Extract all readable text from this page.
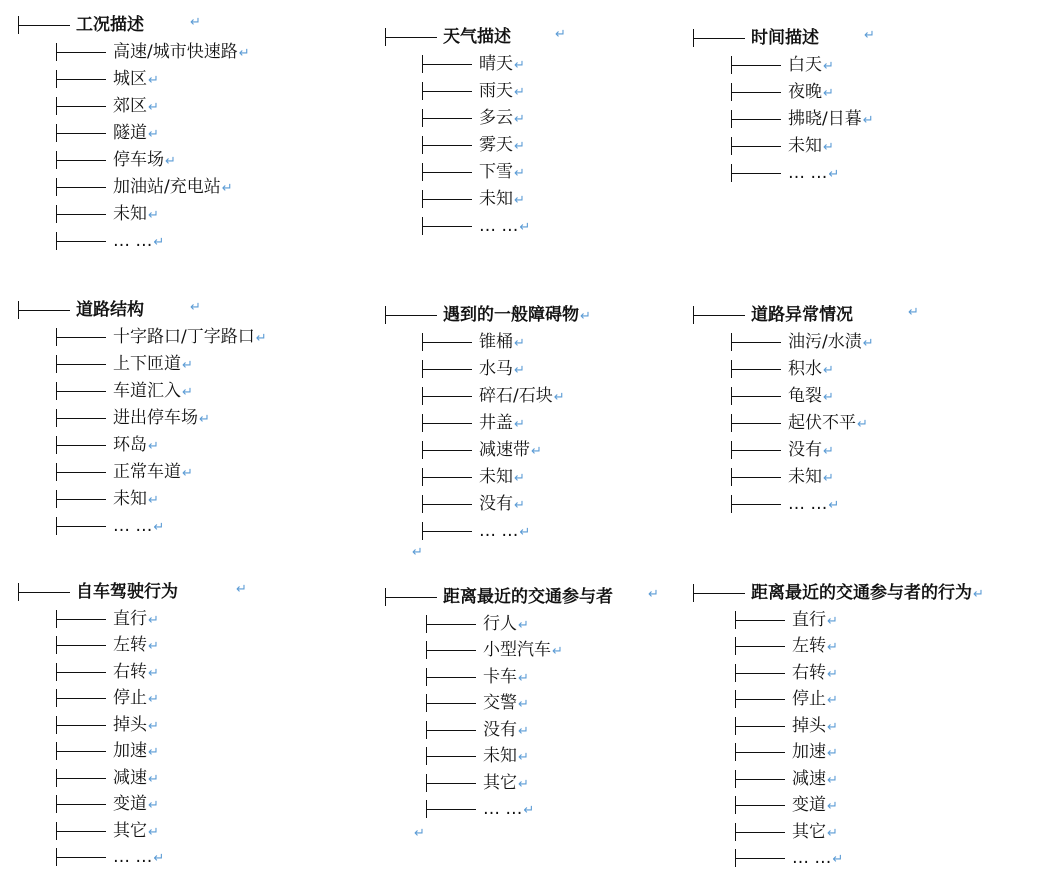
工况描述	↵
高速/城市快速路↵
城区↵
郊区↵
隧道↵
停车场↵
加油站/充电站↵
未知↵
… …↵
天气描述	↵
晴天↵
雨天↵
多云↵
雾天↵
下雪↵
未知↵
… …↵
时间描述	↵
白天↵
夜晚↵
拂晓/日暮↵
未知↵
… …↵
道路结构	↵
十字路口/丁字路口↵
上下匝道↵
车道汇入↵
进出停车场↵
环岛↵
正常车道↵
未知↵
… …↵
遇到的一般障碍物↵
锥桶↵
水马↵
碎石/石块↵
井盖↵
减速带↵
未知↵
没有↵
… …↵
道路异常情况	↵
油污/水渍↵
积水↵
龟裂↵
起伏不平↵
没有↵
未知↵
… …↵
自车驾驶行为	↵
直行↵
左转↵
右转↵
停止↵
掉头↵
加速↵
减速↵
变道↵
其它↵
… …↵
距离最近的交通参与者	↵
行人↵
小型汽车↵
卡车↵
交警↵
没有↵
未知↵
其它↵
… …↵
距离最近的交通参与者的行为↵
直行↵
左转↵
右转↵
停止↵
掉头↵
加速↵
减速↵
变道↵
其它↵
… …↵
↵
↵
